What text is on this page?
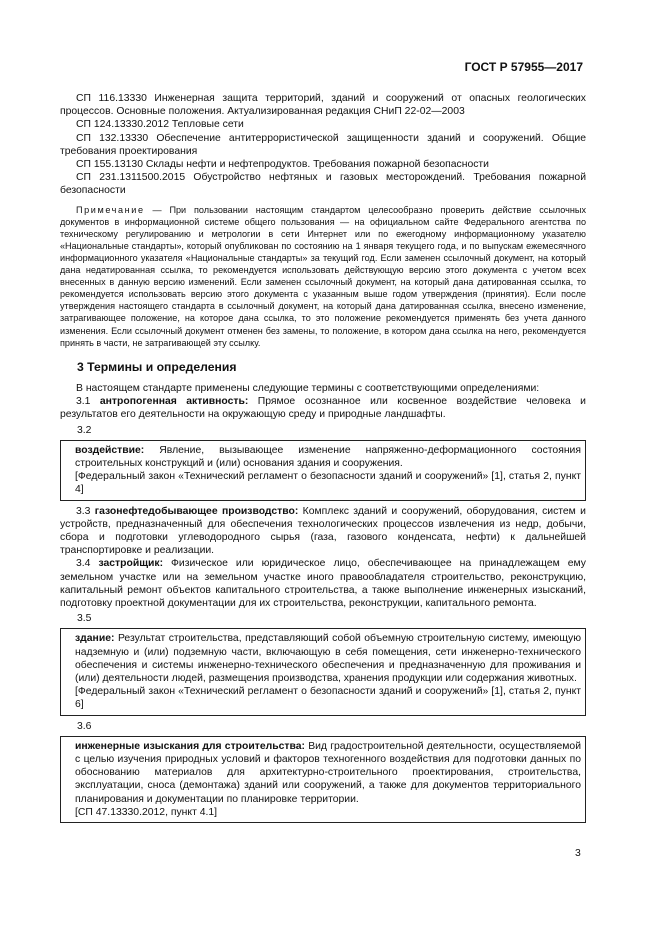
ГОСТ Р 57955—2017

СП 116.13330 Инженерная защита территорий, зданий и сооружений от опасных геологических процессов. Основные положения. Актуализированная редакция СНиП 22-02—2003

СП 124.13330.2012 Тепловые сети

СП 132.13330 Обеспечение антитеррористической защищенности зданий и сооружений. Общие требования проектирования

СП 155.13130 Склады нефти и нефтепродуктов. Требования пожарной безопасности

СП 231.1311500.2015 Обустройство нефтяных и газовых месторождений. Требования пожарной безопасности

Примечание — При пользовании настоящим стандартом целесообразно проверить действие ссылочных документов в информационной системе общего пользования — на официальном сайте Федерального агентства по техническому регулированию и метрологии в сети Интернет или по ежегодному информационному указателю «Национальные стандарты», который опубликован по состоянию на 1 января текущего года, и по выпускам ежемесячного информационного указателя «Национальные стандарты» за текущий год. Если заменен ссылочный документ, на который дана недатированная ссылка, то рекомендуется использовать действующую версию этого документа с учетом всех внесенных в данную версию изменений. Если заменен ссылочный документ, на который дана датированная ссылка, то рекомендуется использовать версию этого документа с указанным выше годом утверждения (принятия). Если после утверждения настоящего стандарта в ссылочный документ, на который дана датированная ссылка, внесено изменение, затрагивающее положение, на которое дана ссылка, то это положение рекомендуется применять без учета данного изменения. Если ссылочный документ отменен без замены, то положение, в котором дана ссылка на него, рекомендуется принять в части, не затрагивающей эту ссылку.

3 Термины и определения

В настоящем стандарте применены следующие термины с соответствующими определениями:

3.1 антропогенная активность: Прямое осознанное или косвенное воздействие человека и результатов его деятельности на окружающую среду и природные ландшафты.

3.2

воздействие: Явление, вызывающее изменение напряженно-деформационного состояния строительных конструкций и (или) основания здания и сооружения.

[Федеральный закон «Технический регламент о безопасности зданий и сооружений» [1], статья 2, пункт 4]

3.3 газонефтедобывающее производство: Комплекс зданий и сооружений, оборудования, систем и устройств, предназначенный для обеспечения технологических процессов извлечения из недр, добычи, сбора и подготовки углеводородного сырья (газа, газового конденсата, нефти) к дальнейшей транспортировке и реализации.

3.4 застройщик: Физическое или юридическое лицо, обеспечивающее на принадлежащем ему земельном участке или на земельном участке иного правообладателя строительство, реконструкцию, капитальный ремонт объектов капитального строительства, а также выполнение инженерных изысканий, подготовку проектной документации для их строительства, реконструкции, капитального ремонта.

3.5

здание: Результат строительства, представляющий собой объемную строительную систему, имеющую надземную и (или) подземную части, включающую в себя помещения, сети инженерно-технического обеспечения и системы инженерно-технического обеспечения и предназначенную для проживания и (или) деятельности людей, размещения производства, хранения продукции или содержания животных.

[Федеральный закон «Технический регламент о безопасности зданий и сооружений» [1], статья 2, пункт 6]

3.6

инженерные изыскания для строительства: Вид градостроительной деятельности, осуществляемой с целью изучения природных условий и факторов техногенного воздействия для подготовки данных по обоснованию материалов для архитектурно-строительного проектирования, строительства, эксплуатации, сноса (демонтажа) зданий или сооружений, а также для документов территориального планирования и документации по планировке территории.

[СП 47.13330.2012, пункт 4.1]

3
